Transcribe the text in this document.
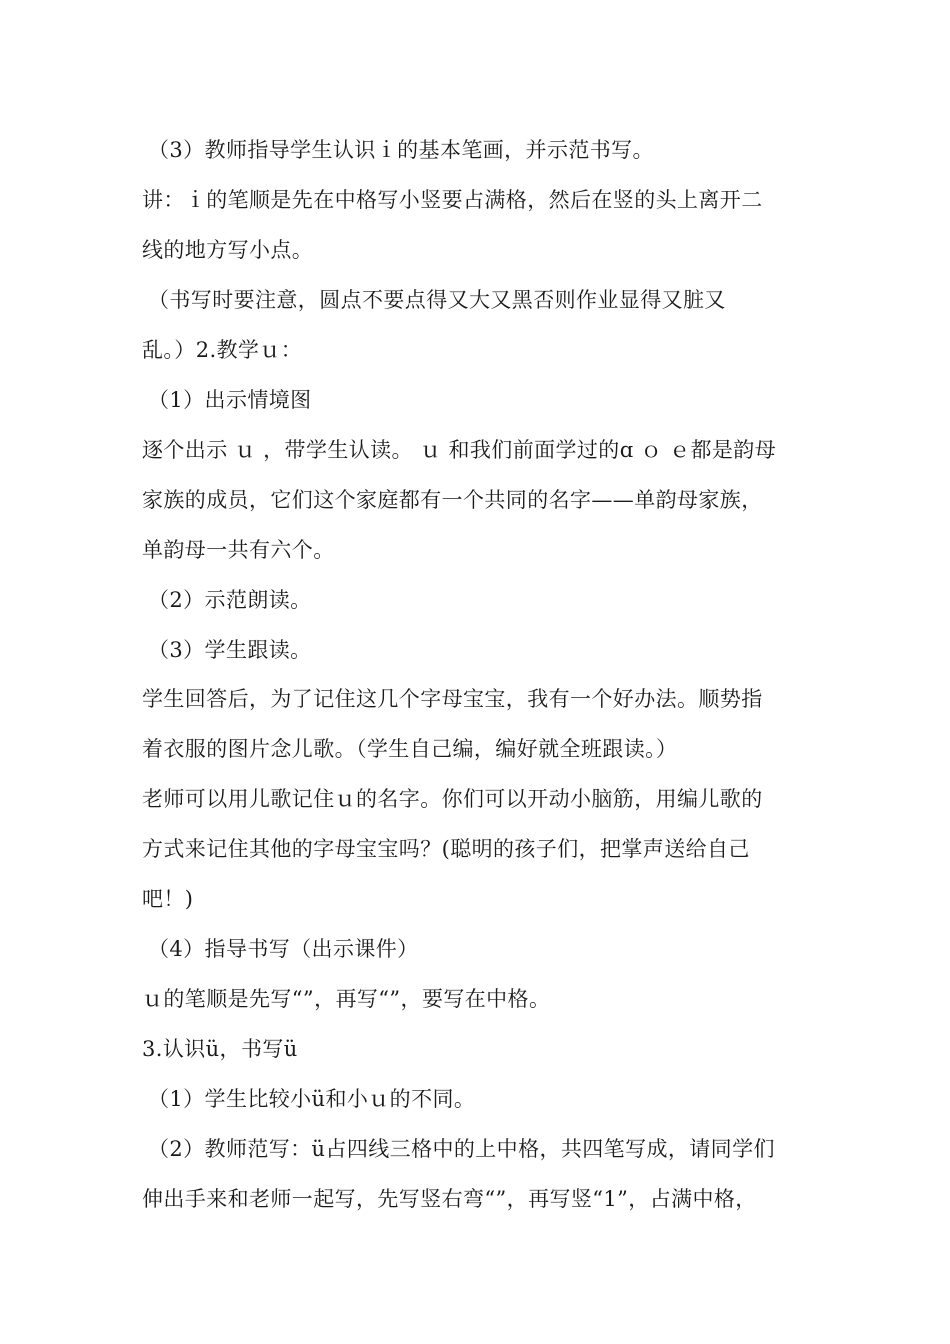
（3）教师指导学生认识ｉ的基本笔画，并示范书写。
讲：ｉ的笔顺是先在中格写小竖要占满格，然后在竖的头上离开二
线的地方写小点。
（书写时要注意，圆点不要点得又大又黑否则作业显得又脏又
乱。）2.教学ｕ：
（1）出示情境图
逐个出示 ｕ ，带学生认读。 ｕ 和我们前面学过的ɑ ｏ ｅ都是韵母
家族的成员，它们这个家庭都有一个共同的名字——单韵母家族，
单韵母一共有六个。
（2）示范朗读。
（3）学生跟读。
学生回答后，为了记住这几个字母宝宝，我有一个好办法。顺势指
着衣服的图片念儿歌。（学生自己编，编好就全班跟读。）
老师可以用儿歌记住ｕ的名字。你们可以开动小脑筋，用编儿歌的
方式来记住其他的字母宝宝吗？(聪明的孩子们，把掌声送给自己
吧！)
（4）指导书写（出示课件）
ｕ的笔顺是先写“”，再写“”，要写在中格。
3.认识ü，书写ü
（1）学生比较小ü和小ｕ的不同。
（2）教师范写：ü占四线三格中的上中格，共四笔写成，请同学们
伸出手来和老师一起写，先写竖右弯“”，再写竖“1”，占满中格，
